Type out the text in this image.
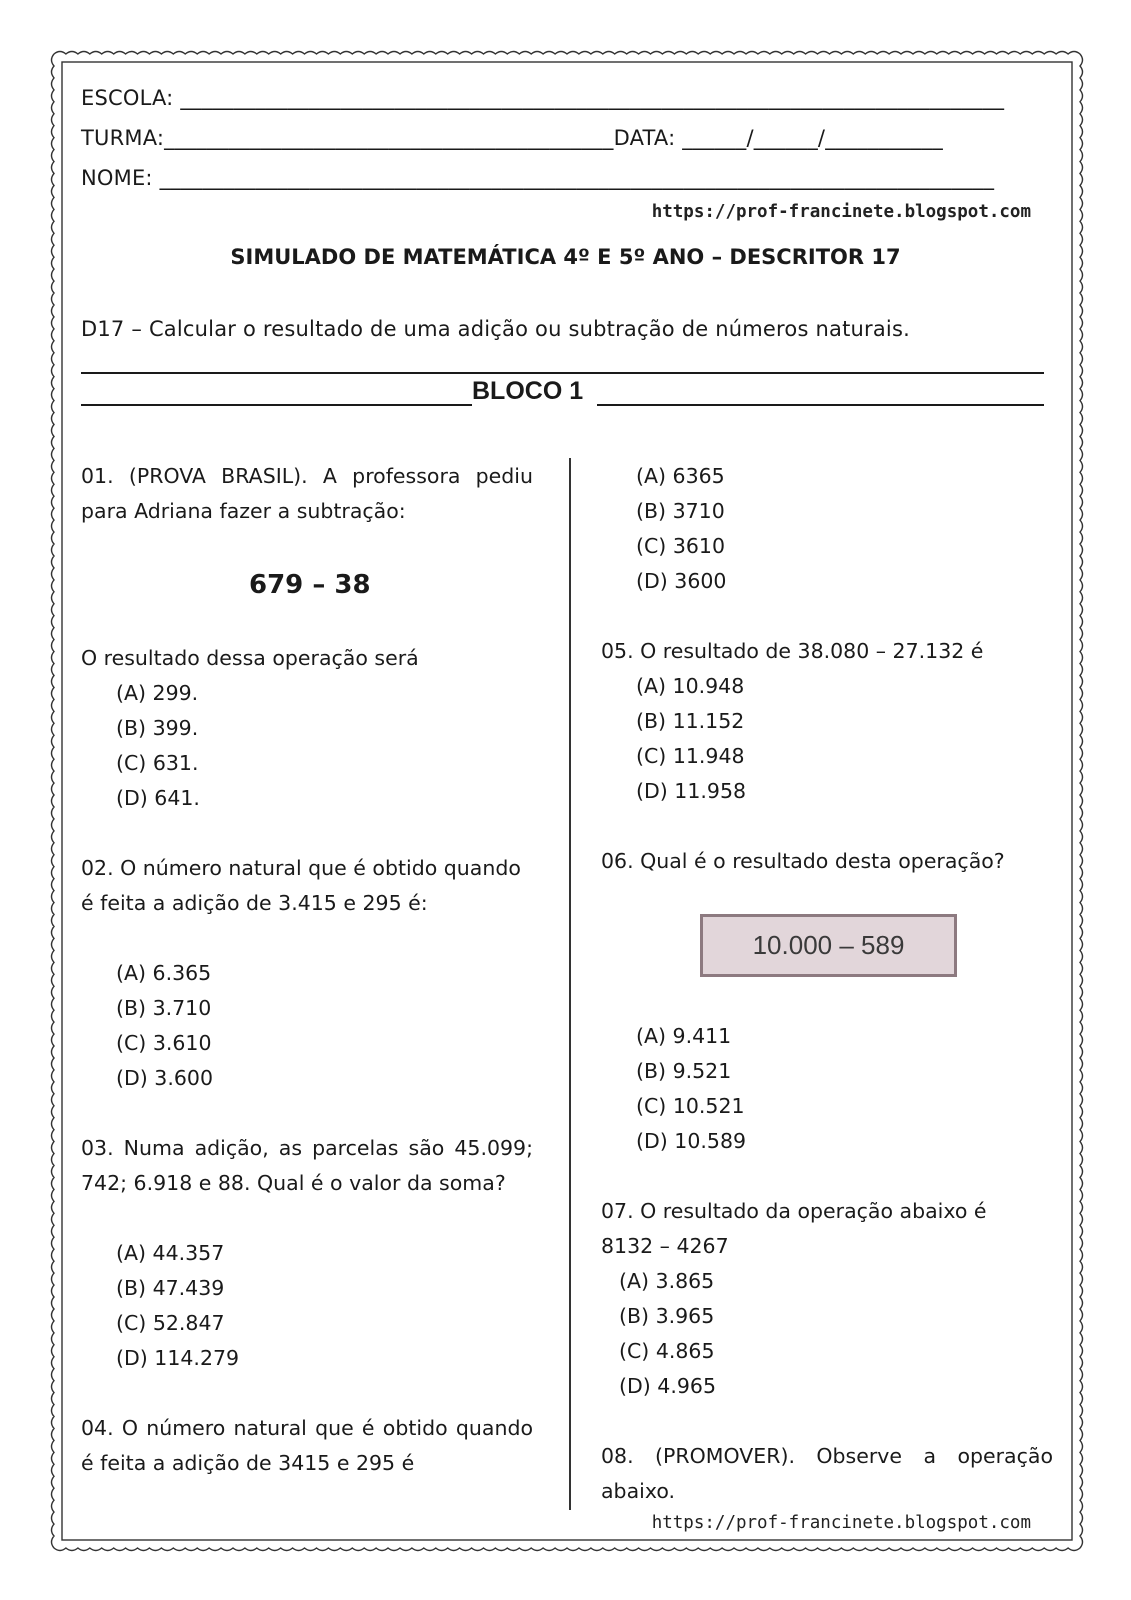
ESCOLA: _____________________________________________________________________________
TURMA:__________________________________________DATA: ______/______/___________
NOME: ______________________________________________________________________________
https://prof-francinete.blogspot.com
SIMULADO DE MATEMÁTICA 4º E 5º ANO – DESCRITOR 17
D17 – Calcular o resultado de uma adição ou subtração de números naturais.
BLOCO 1
01. (PROVA BRASIL). A professora pediu para Adriana fazer a subtração:
679 – 38
O resultado dessa operação será
(A) 299.
(B) 399.
(C) 631.
(D) 641.
02. O número natural que é obtido quando é feita a adição de 3.415 e 295 é:
(A) 6.365
(B) 3.710
(C) 3.610
(D) 3.600
03. Numa adição, as parcelas são 45.099; 742; 6.918 e 88. Qual é o valor da soma?
(A) 44.357
(B) 47.439
(C) 52.847
(D) 114.279
04. O número natural que é obtido quando é feita a adição de 3415 e 295 é
(A) 6365
(B) 3710
(C) 3610
(D) 3600
05. O resultado de 38.080 – 27.132 é
(A) 10.948
(B) 11.152
(C) 11.948
(D) 11.958
06. Qual é o resultado desta operação?
10.000 – 589
(A) 9.411
(B) 9.521
(C) 10.521
(D) 10.589
07. O resultado da operação abaixo é
8132 – 4267
(A) 3.865
(B) 3.965
(C) 4.865
(D) 4.965
08. (PROMOVER). Observe a operação abaixo.
https://prof-francinete.blogspot.com
